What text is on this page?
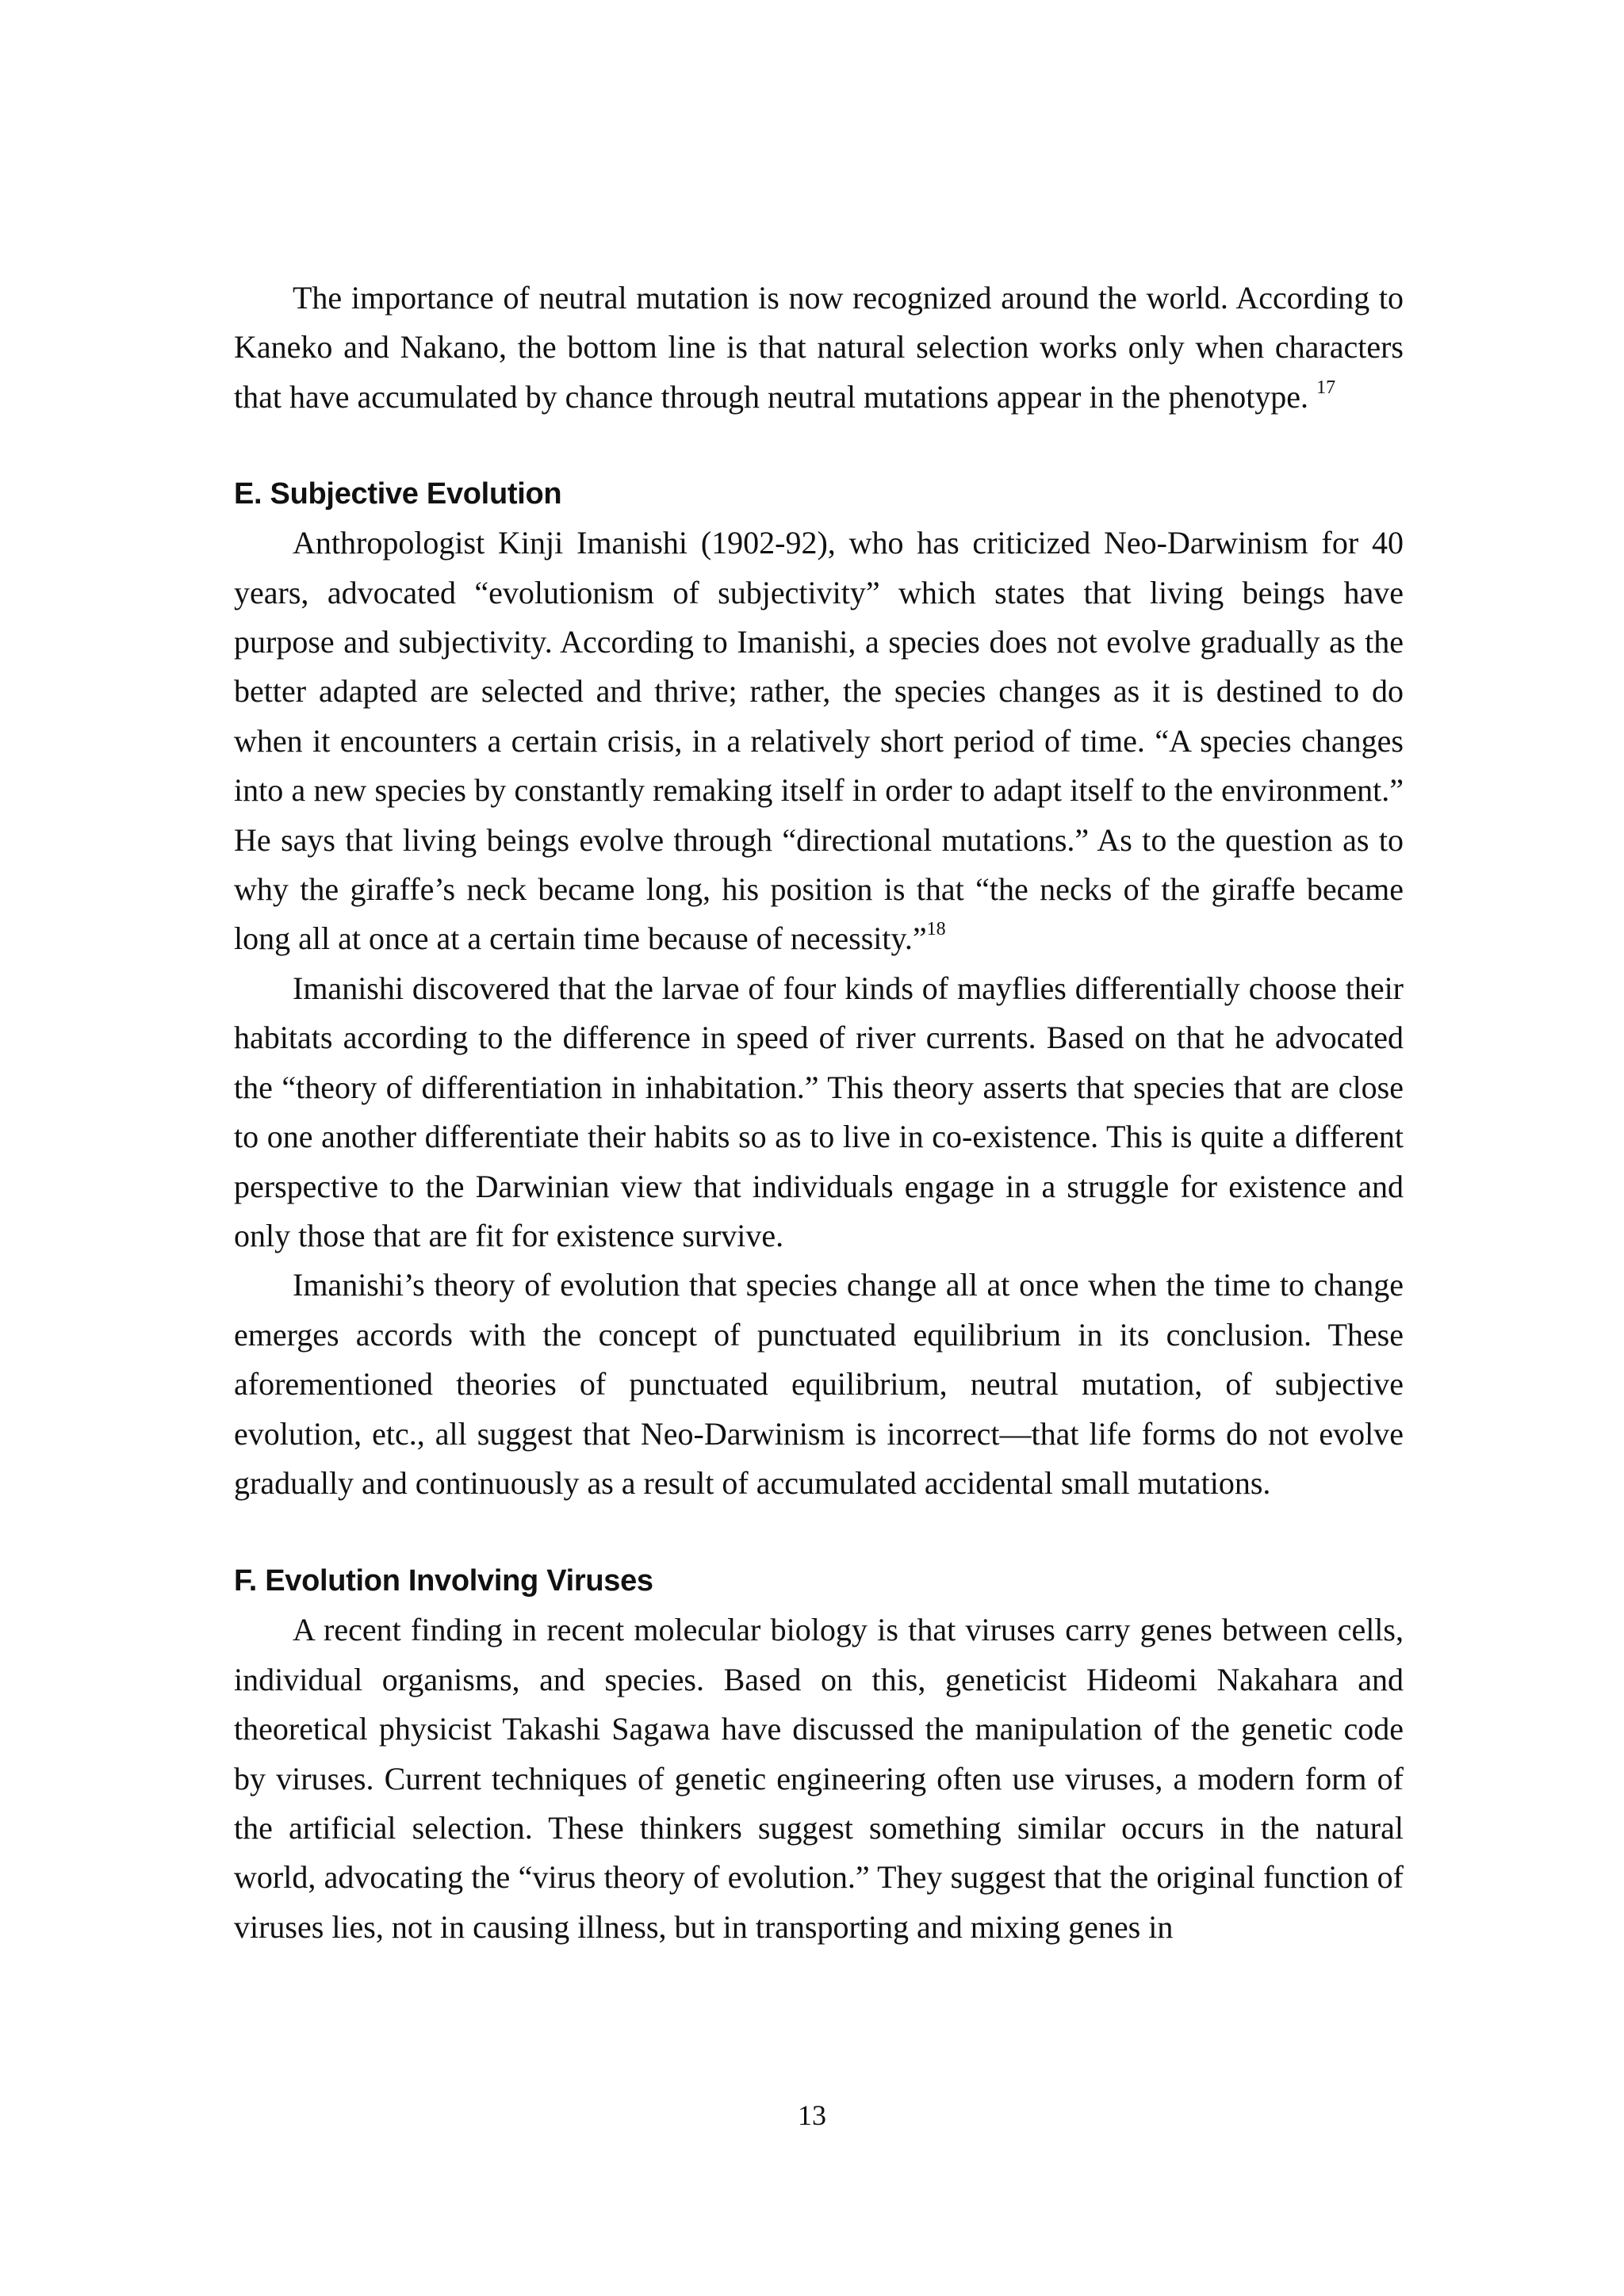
The importance of neutral mutation is now recognized around the world. According to Kaneko and Nakano, the bottom line is that natural selection works only when characters that have accumulated by chance through neutral mutations appear in the phenotype. $^{17}$

E. Subjective Evolution

Anthropologist Kinji Imanishi (1902-92), who has criticized Neo-Darwinism for 40 years, advocated “evolutionism of subjectivity” which states that living beings have purpose and subjectivity. According to Imanishi, a species does not evolve gradually as the better adapted are selected and thrive; rather, the species changes as it is destined to do when it encounters a certain crisis, in a relatively short period of time. “A species changes into a new species by constantly remaking itself in order to adapt itself to the environment.” He says that living beings evolve through “directional mutations.” As to the question as to why the giraffe’s neck became long, his position is that “the necks of the giraffe became long all at once at a certain time because of necessity.”$^{18}$

Imanishi discovered that the larvae of four kinds of mayflies differentially choose their habitats according to the difference in speed of river currents. Based on that he advocated the “theory of differentiation in inhabitation.” This theory asserts that species that are close to one another differentiate their habits so as to live in co-existence. This is quite a different perspective to the Darwinian view that individuals engage in a struggle for existence and only those that are fit for existence survive.

Imanishi’s theory of evolution that species change all at once when the time to change emerges accords with the concept of punctuated equilibrium in its conclusion. These aforementioned theories of punctuated equilibrium, neutral mutation, of subjective evolution, etc., all suggest that Neo-Darwinism is incorrect—that life forms do not evolve gradually and continuously as a result of accumulated accidental small mutations.

F. Evolution Involving Viruses

A recent finding in recent molecular biology is that viruses carry genes between cells, individual organisms, and species. Based on this, geneticist Hideomi Nakahara and theoretical physicist Takashi Sagawa have discussed the manipulation of the genetic code by viruses. Current techniques of genetic engineering often use viruses, a modern form of the artificial selection. These thinkers suggest something similar occurs in the natural world, advocating the “virus theory of evolution.” They suggest that the original function of viruses lies, not in causing illness, but in transporting and mixing genes in

13
